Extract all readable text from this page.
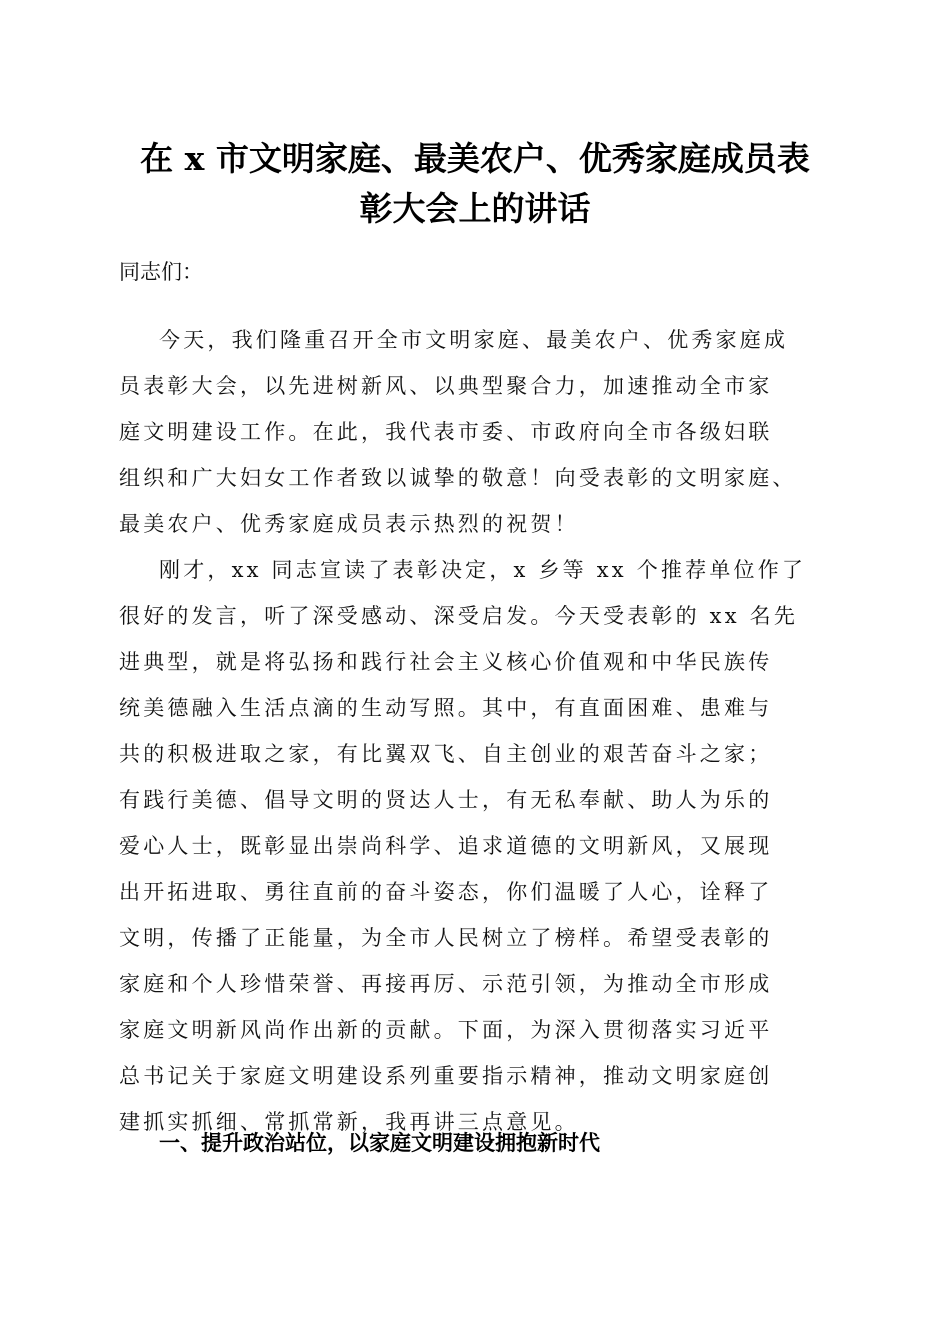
在 x 市文明家庭、最美农户、优秀家庭成员表
彰大会上的讲话
同志们：
今天，我们隆重召开全市文明家庭、最美农户、优秀家庭成
员表彰大会，以先进树新风、以典型聚合力，加速推动全市家
庭文明建设工作。在此，我代表市委、市政府向全市各级妇联
组织和广大妇女工作者致以诚挚的敬意！向受表彰的文明家庭、
最美农户、优秀家庭成员表示热烈的祝贺！
刚才，xx 同志宣读了表彰决定，x 乡等 xx 个推荐单位作了
很好的发言，听了深受感动、深受启发。今天受表彰的 xx 名先
进典型，就是将弘扬和践行社会主义核心价值观和中华民族传
统美德融入生活点滴的生动写照。其中，有直面困难、患难与
共的积极进取之家，有比翼双飞、自主创业的艰苦奋斗之家；
有践行美德、倡导文明的贤达人士，有无私奉献、助人为乐的
爱心人士，既彰显出崇尚科学、追求道德的文明新风，又展现
出开拓进取、勇往直前的奋斗姿态，你们温暖了人心，诠释了
文明，传播了正能量，为全市人民树立了榜样。希望受表彰的
家庭和个人珍惜荣誉、再接再厉、示范引领，为推动全市形成
家庭文明新风尚作出新的贡献。下面，为深入贯彻落实习近平
总书记关于家庭文明建设系列重要指示精神，推动文明家庭创
建抓实抓细、常抓常新，我再讲三点意见。
一、提升政治站位，以家庭文明建设拥抱新时代
